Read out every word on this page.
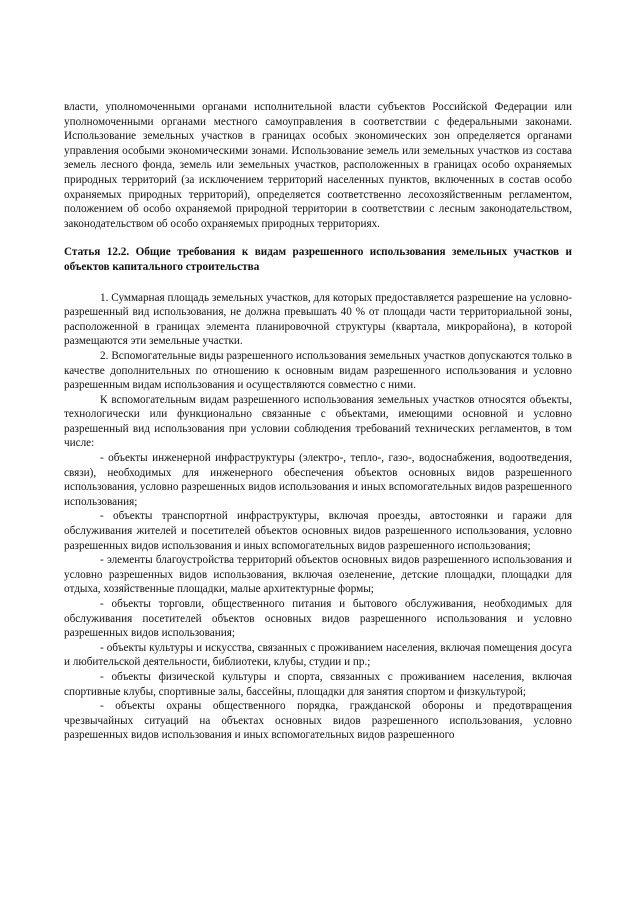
власти, уполномоченными органами исполнительной власти субъектов Российской Федерации или уполномоченными органами местного самоуправления в соответствии с федеральными законами. Использование земельных участков в границах особых экономических зон определяется органами управления особыми экономическими зонами. Использование земель или земельных участков из состава земель лесного фонда, земель или земельных участков, расположенных в границах особо охраняемых природных территорий (за исключением территорий населенных пунктов, включенных в состав особо охраняемых природных территорий), определяется соответственно лесохозяйственным регламентом, положением об особо охраняемой природной территории в соответствии с лесным законодательством, законодательством об особо охраняемых природных территориях.

Статья 12.2. Общие требования к видам разрешенного использования земельных участков и объектов капитального строительства

1. Суммарная площадь земельных участков, для которых предоставляется разрешение на условно-разрешенный вид использования, не должна превышать 40 % от площади части территориальной зоны, расположенной в границах элемента планировочной структуры (квартала, микрорайона), в которой размещаются эти земельные участки.

2. Вспомогательные виды разрешенного использования земельных участков допускаются только в качестве дополнительных по отношению к основным видам разрешенного использования и условно разрешенным видам использования и осуществляются совместно с ними.

К вспомогательным видам разрешенного использования земельных участков относятся объекты, технологически или функционально связанные с объектами, имеющими основной и условно разрешенный вид использования при условии соблюдения требований технических регламентов, в том числе:

- объекты инженерной инфраструктуры (электро-, тепло-, газо-, водоснабжения, водоотведения, связи), необходимых для инженерного обеспечения объектов основных видов разрешенного использования, условно разрешенных видов использования и иных вспомогательных видов разрешенного использования;

- объекты транспортной инфраструктуры, включая проезды, автостоянки и гаражи для обслуживания жителей и посетителей объектов основных видов разрешенного использования, условно разрешенных видов использования и иных вспомогательных видов разрешенного использования;

- элементы благоустройства территорий объектов основных видов разрешенного использования и условно разрешенных видов использования, включая озеленение, детские площадки, площадки для отдыха, хозяйственные площадки, малые архитектурные формы;

- объекты торговли, общественного питания и бытового обслуживания, необходимых для обслуживания посетителей объектов основных видов разрешенного использования и условно разрешенных видов использования;

- объекты культуры и искусства, связанных с проживанием населения, включая помещения досуга и любительской деятельности, библиотеки, клубы, студии и пр.;

- объекты физической культуры и спорта, связанных с проживанием населения, включая спортивные клубы, спортивные залы, бассейны, площадки для занятия спортом и физкультурой;

- объекты охраны общественного порядка, гражданской обороны и предотвращения чрезвычайных ситуаций на объектах основных видов разрешенного использования, условно разрешенных видов использования и иных вспомогательных видов разрешенного
